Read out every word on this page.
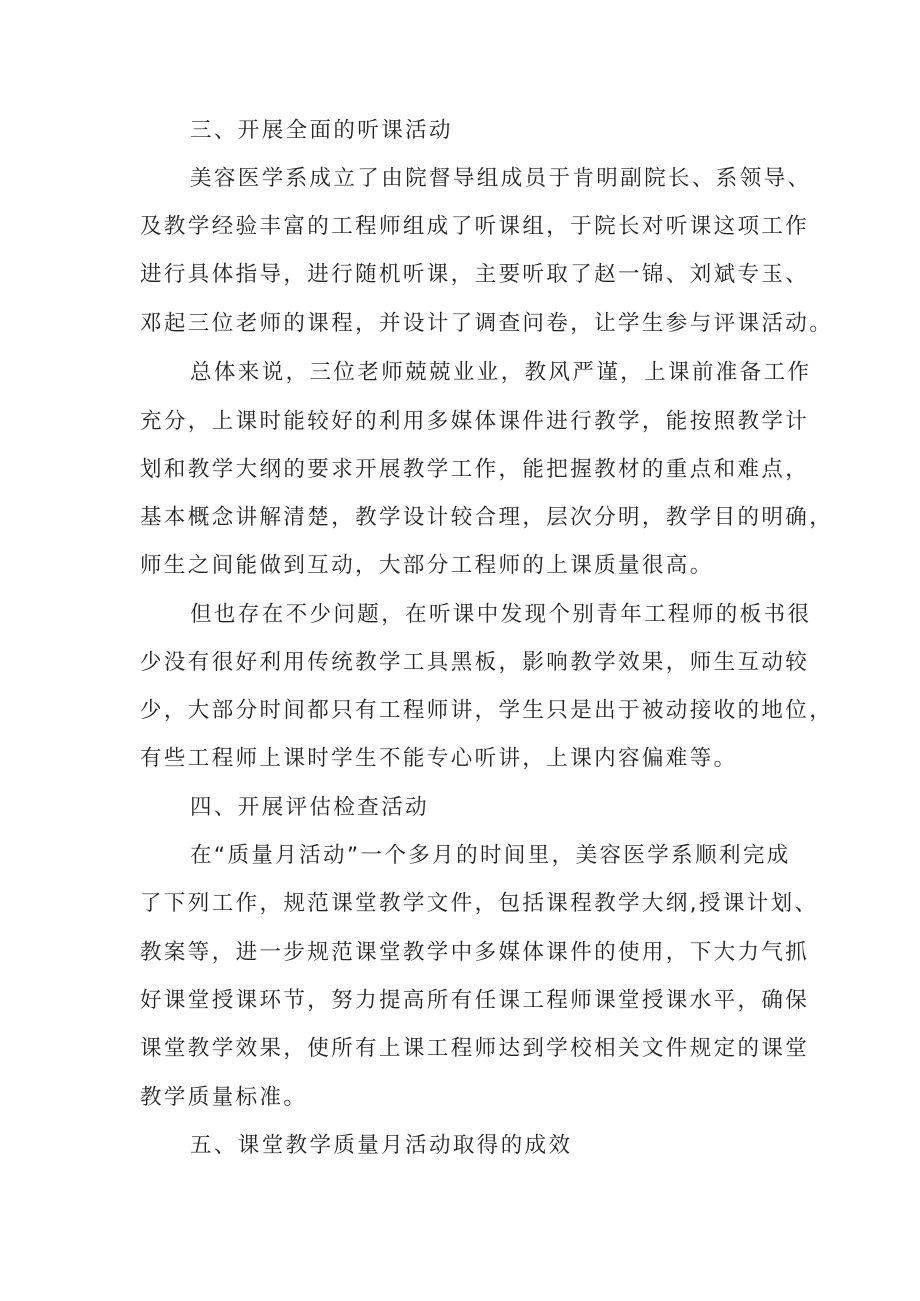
三、开展全面的听课活动
美容医学系成立了由院督导组成员于肯明副院长、系领导、
及教学经验丰富的工程师组成了听课组，于院长对听课这项工作
进行具体指导，进行随机听课，主要听取了赵一锦、刘斌专玉、
邓起三位老师的课程，并设计了调查问卷，让学生参与评课活动。
总体来说，三位老师兢兢业业，教风严谨，上课前准备工作
充分，上课时能较好的利用多媒体课件进行教学，能按照教学计
划和教学大纲的要求开展教学工作，能把握教材的重点和难点，
基本概念讲解清楚，教学设计较合理，层次分明，教学目的明确，
师生之间能做到互动，大部分工程师的上课质量很高。
但也存在不少问题，在听课中发现个别青年工程师的板书很
少没有很好利用传统教学工具黑板，影响教学效果，师生互动较
少，大部分时间都只有工程师讲，学生只是出于被动接收的地位，
有些工程师上课时学生不能专心听讲，上课内容偏难等。
四、开展评估检查活动
在“质量月活动”一个多月的时间里，美容医学系顺利完成
了下列工作，规范课堂教学文件，包括课程教学大纲,授课计划、
教案等，进一步规范课堂教学中多媒体课件的使用，下大力气抓
好课堂授课环节，努力提高所有任课工程师课堂授课水平，确保
课堂教学效果，使所有上课工程师达到学校相关文件规定的课堂
教学质量标准。
五、课堂教学质量月活动取得的成效
